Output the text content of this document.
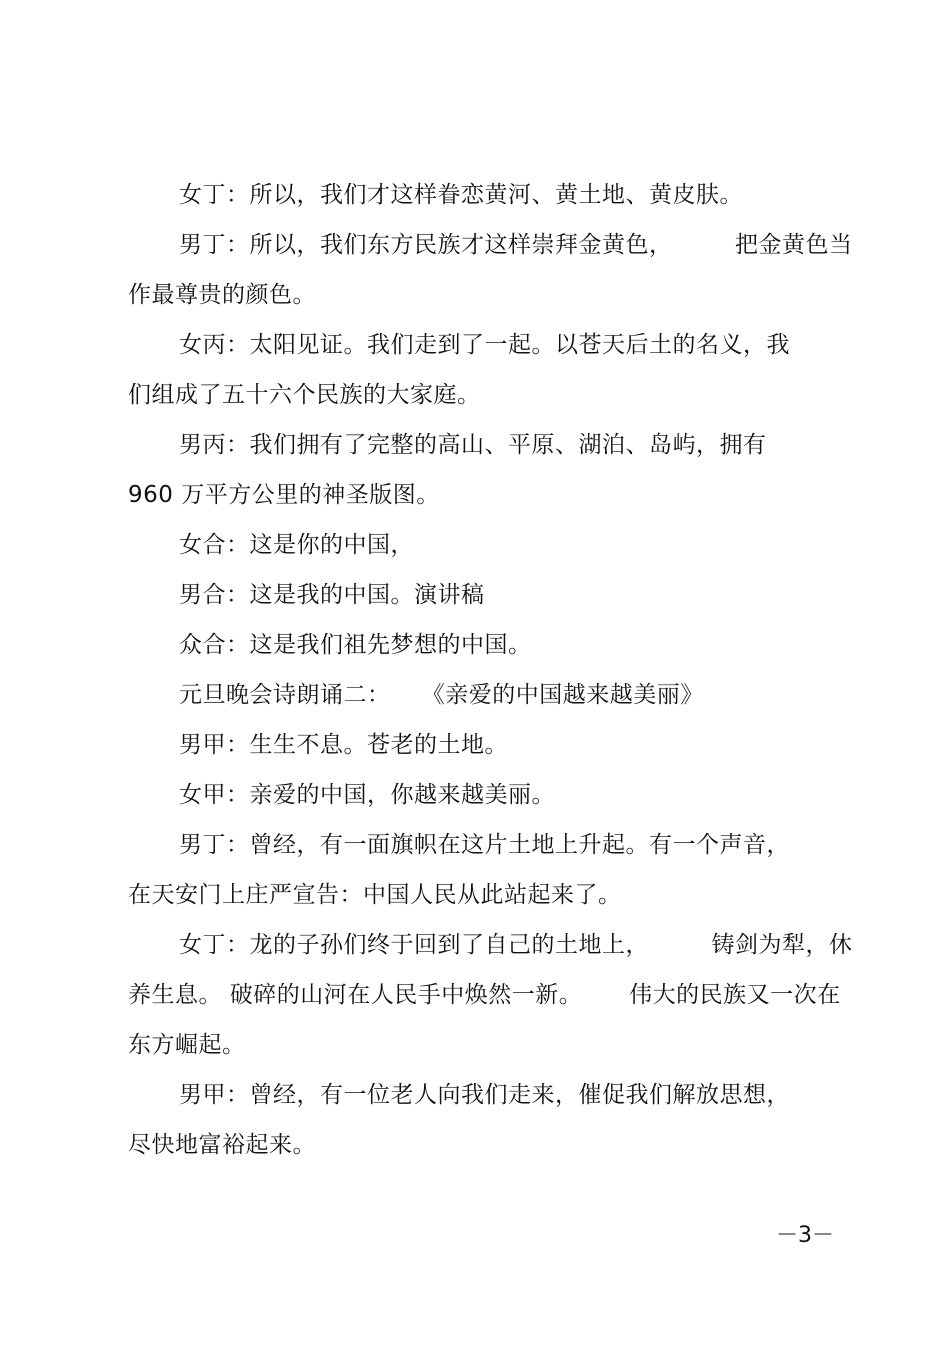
女丁：所以，我们才这样眷恋黄河、黄土地、黄皮肤。
男丁：所以，我们东方民族才这样崇拜金黄色，        把金黄色当
作最尊贵的颜色。
女丙：太阳见证。我们走到了一起。以苍天后土的名义，我
们组成了五十六个民族的大家庭。
男丙：我们拥有了完整的高山、平原、湖泊、岛屿，拥有
960 万平方公里的神圣版图。
女合：这是你的中国，
男合：这是我的中国。演讲稿
众合：这是我们祖先梦想的中国。
元旦晚会诗朗诵二：    《亲爱的中国越来越美丽》
男甲：生生不息。苍老的土地。
女甲：亲爱的中国，你越来越美丽。
男丁：曾经，有一面旗帜在这片土地上升起。有一个声音，
在天安门上庄严宣告：中国人民从此站起来了。
女丁：龙的子孙们终于回到了自己的土地上，        铸剑为犁，休
养生息。 破碎的山河在人民手中焕然一新。      伟大的民族又一次在
东方崛起。
男甲：曾经，有一位老人向我们走来，催促我们解放思想，
尽快地富裕起来。
－3－
